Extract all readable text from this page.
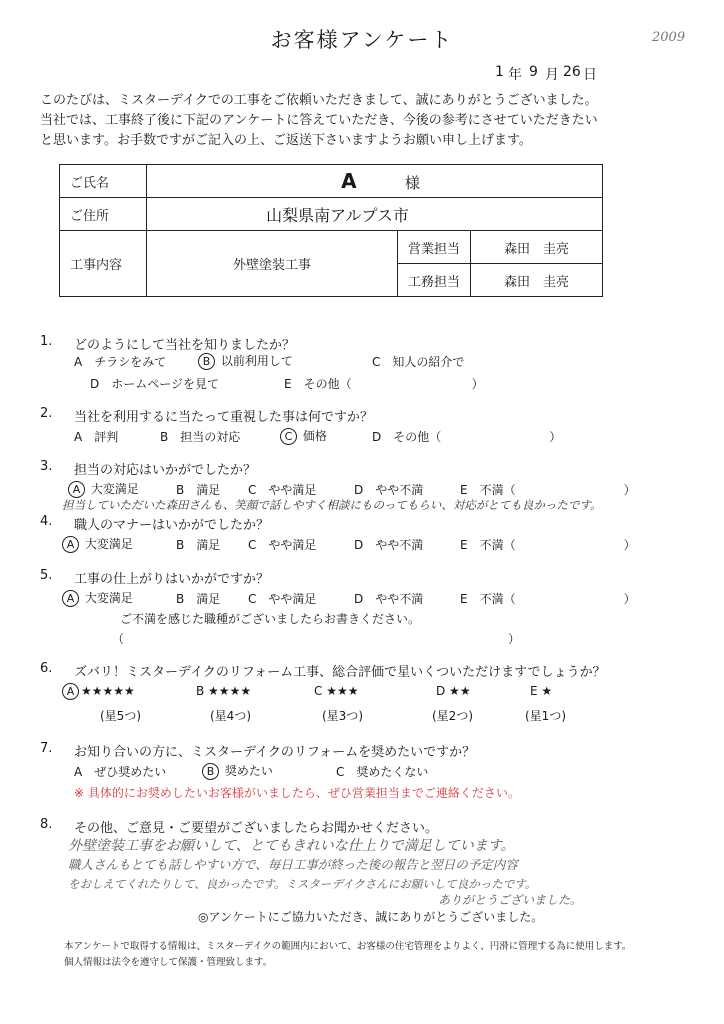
お客様アンケート	2009
1 年 9 月 26 日
このたびは、ミスターデイクでの工事をご依頼いただきまして、誠にありがとうございました。
当社では、工事終了後に下記のアンケートに答えていただき、今後の参考にさせていただきたい
と思います。お手数ですがご記入の上、ご返送下さいますようお願い申し上げます。
ご氏名	A 様		
ご住所	山梨県南アルプス市		
工事内容	外壁塗装工事	営業担当	森田　圭亮
		工務担当	森田　圭亮
1. どのようにして当社を知りましたか？
A　チラシをみて	B 以前利用して	C　知人の紹介で
D　ホームページを見て	E　その他（　　　　　　　　　　）
2. 当社を利用するに当たって重視した事は何ですか？
A　評判	B　担当の対応	C 価格	D　その他（　　　　　　　　　）
3. 担当の対応はいかがでしたか？
A 大変満足	B　満足 C　やや満足	D　やや不満	E　不満（　　　　　　　　　）
担当していただいた森田さんも、笑顔で話しやすく相談にものってもらい、対応がとても良かったです。
4. 職人のマナーはいかがでしたか？
A 大変満足	B　満足 C　やや満足	D　やや不満	E　不満（　　　　　　　　　）
5. 工事の仕上がりはいかがですか？
A 大変満足	B　満足 C　やや満足	D　やや不満	E　不満（　　　　　　　　　）
ご不満を感じた職種がございましたらお書きください。
（	）
6. ズバリ！ミスターデイクのリフォーム工事、総合評価で星いくついただけますでしょうか？
A ★★★★★	B ★★★★	C ★★★	D ★★	E ★
(星5つ)	(星4つ)	(星3つ)	(星2つ)	(星1つ)
7. お知り合いの方に、ミスターデイクのリフォームを奨めたいですか？
A　ぜひ奨めたい	B 奨めたい	C　奨めたくない
※ 具体的にお奨めしたいお客様がいましたら、ぜひ営業担当までご連絡ください。
8. その他、ご意見・ご要望がございましたらお聞かせください。
外壁塗装工事をお願いして、とてもきれいな仕上りで満足しています。
職人さんもとても話しやすい方で、毎日工事が終った後の報告と翌日の予定内容
をおしえてくれたりして、良かったです。ミスターデイクさんにお願いして良かったです。
ありがとうございました。
◎アンケートにご協力いただき、誠にありがとうございました。
本アンケートで取得する情報は、ミスターデイクの範囲内において、お客様の住宅管理をよりよく、円滑に管理する為に使用します。
個人情報は法令を遵守して保護・管理致します。
